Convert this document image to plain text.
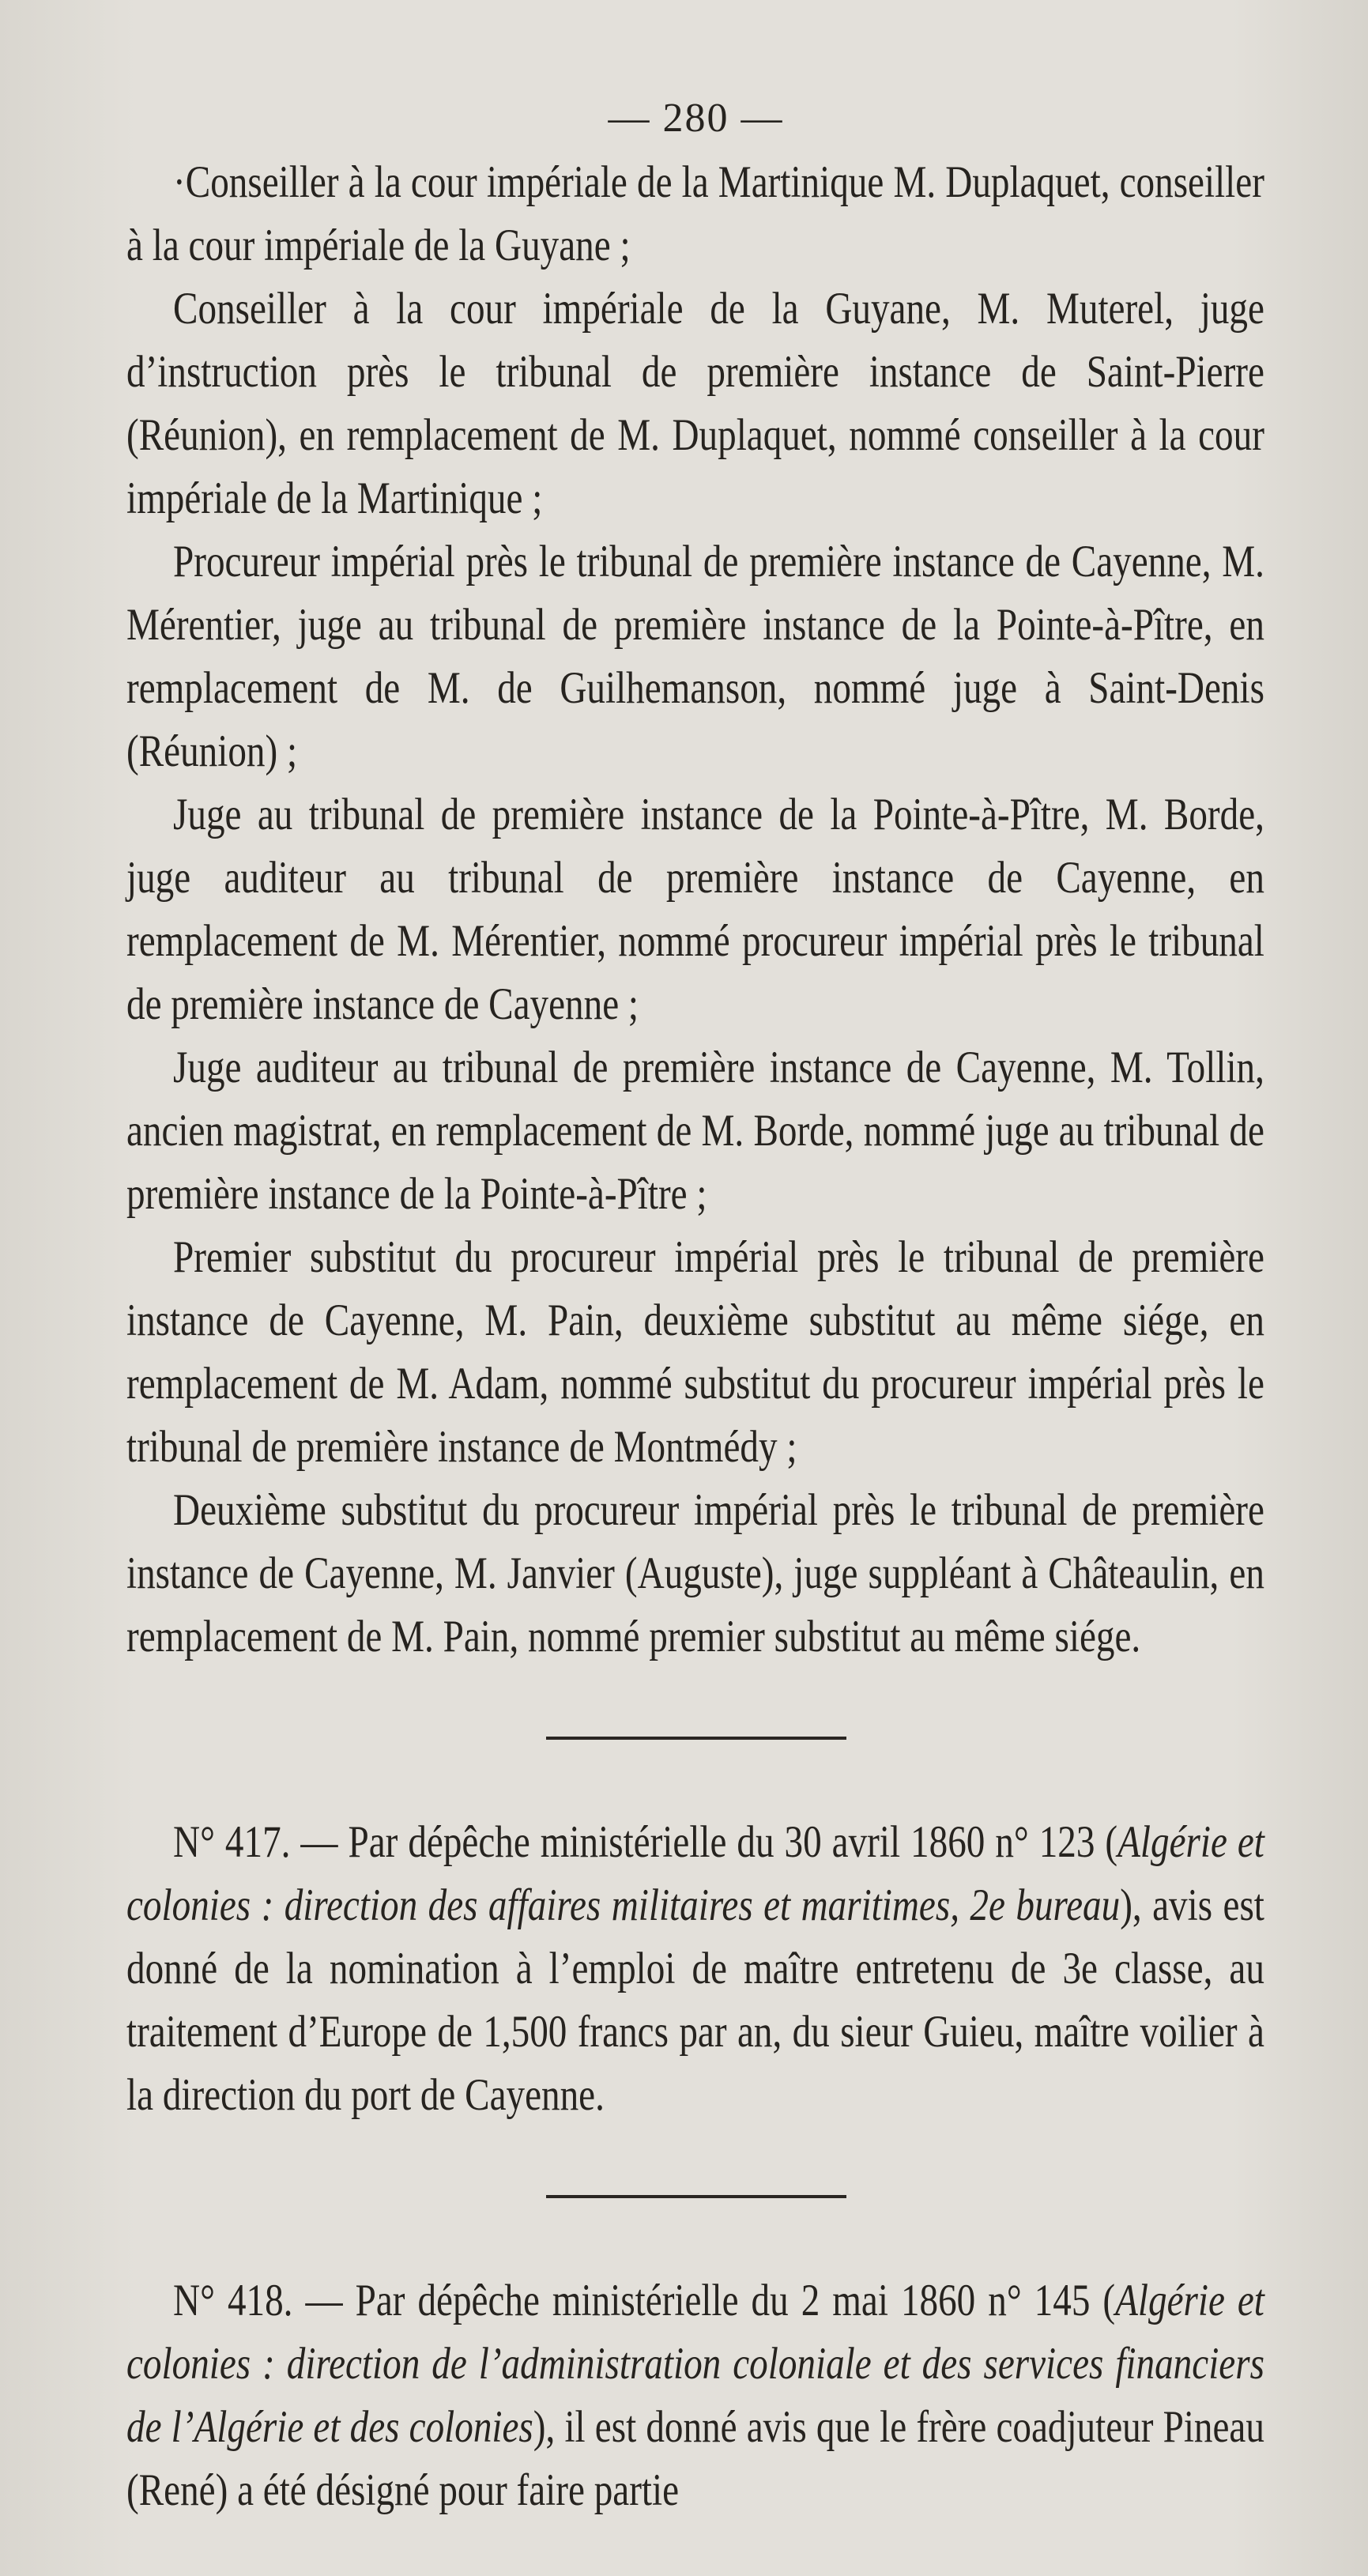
— 280 —

·Conseiller à la cour impériale de la Martinique M. Duplaquet, conseiller à la cour impériale de la Guyane ;

Conseiller à la cour impériale de la Guyane, M. Muterel, juge d’instruction près le tribunal de première instance de Saint-Pierre (Réunion), en remplacement de M. Duplaquet, nommé conseiller à la cour impériale de la Martinique ;

Procureur impérial près le tribunal de première instance de Cayenne, M. Mérentier, juge au tribunal de première instance de la Pointe-à-Pître, en remplacement de M. de Guilhemanson, nommé juge à Saint-Denis (Réunion) ;

Juge au tribunal de première instance de la Pointe-à-Pître, M. Borde, juge auditeur au tribunal de première instance de Cayenne, en remplacement de M. Mérentier, nommé procureur impérial près le tribunal de première instance de Cayenne ;

Juge auditeur au tribunal de première instance de Cayenne, M. Tollin, ancien magistrat, en remplacement de M. Borde, nommé juge au tribunal de première instance de la Pointe-à-Pître ;

Premier substitut du procureur impérial près le tribunal de première instance de Cayenne, M. Pain, deuxième substitut au même siége, en remplacement de M. Adam, nommé substitut du procureur impérial près le tribunal de première instance de Montmédy ;

Deuxième substitut du procureur impérial près le tribunal de première instance de Cayenne, M. Janvier (Auguste), juge suppléant à Châteaulin, en remplacement de M. Pain, nommé premier substitut au même siége.

N° 417. — Par dépêche ministérielle du 30 avril 1860 n° 123 (Algérie et colonies : direction des affaires militaires et maritimes, 2e bureau), avis est donné de la nomination à l’emploi de maître entretenu de 3e classe, au traitement d’Europe de 1,500 francs par an, du sieur Guieu, maître voilier à la direction du port de Cayenne.

N° 418. — Par dépêche ministérielle du 2 mai 1860 n° 145 (Algérie et colonies : direction de l’administration coloniale et des services financiers de l’Algérie et des colonies), il est donné avis que le frère coadjuteur Pineau (René) a été désigné pour faire partie
